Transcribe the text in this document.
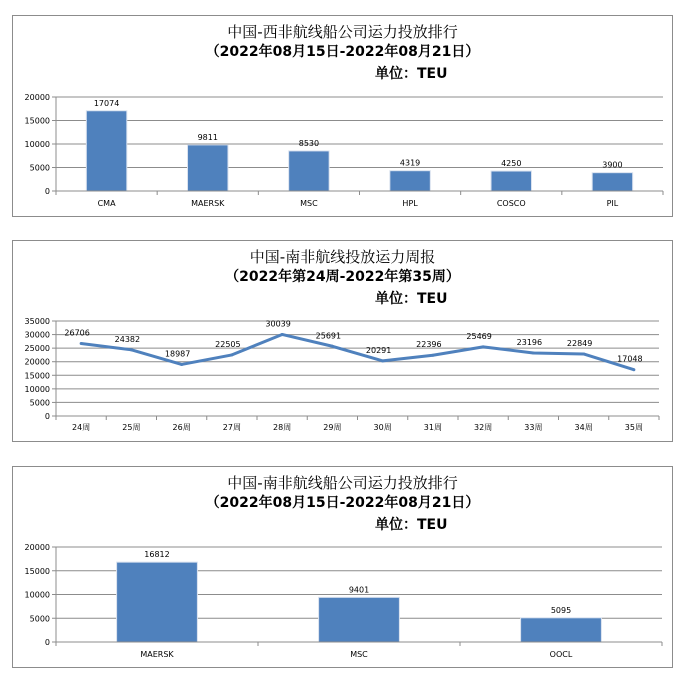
中国-西非航线船公司运力投放排行
（2022年08月15日-2022年08月21日）
单位：TEU
0
5000
10000
15000
20000
17074
9811
8530
4319	4250	3900
CMA	MAERSK	MSC	HPL	COSCO	PIL
中国-南非航线投放运力周报
（2022年第24周-2022年第35周）
单位：TEU
0
5000
10000
15000
20000
25000
30000
35000
26706
24382
18987
22505
30039
25691
20291
22396
25469
23196	22849
17048
24周	25周	26周	27周	28周	29周	30周	31周	32周	33周	34周	35周
中国-南非航线船公司运力投放排行
（2022年08月15日-2022年08月21日）
单位：TEU
0
5000
10000
15000
20000
16812
9401
5095
MAERSK	MSC	OOCL
